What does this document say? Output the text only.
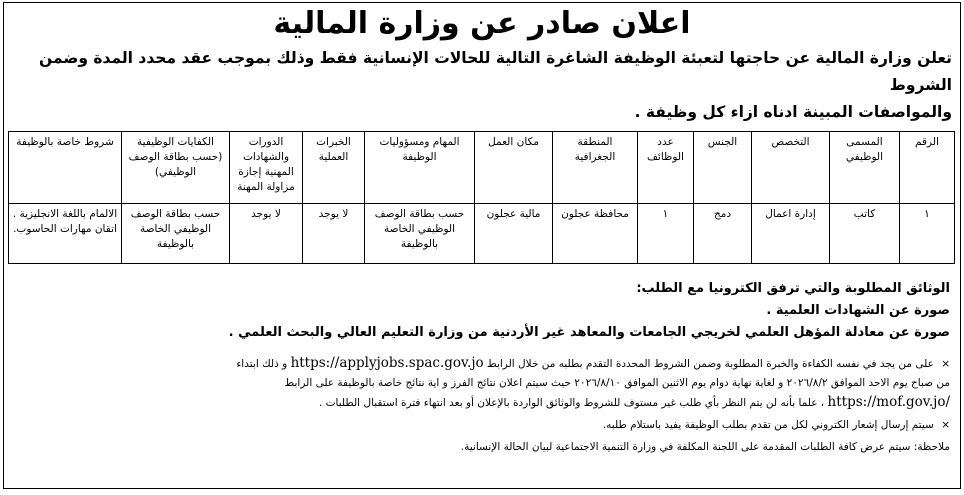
اعلان صادر عن وزارة المالية
تعلن وزارة المالية عن حاجتها لتعبئة الوظيفة الشاغرة التالية للحالات الإنسانية فقط وذلك بموجب عقد محدد المدة وضمن الشروط
والمواصفات المبينة ادناه ازاء كل وظيفة .
الرقم	المسمى الوظيفي	التخصص	الجنس	عدد الوظائف	المنطقة الجغرافية	مكان العمل	المهام ومسؤوليات الوظيفة	الخبرات العملية	الدورات والشهادات المهنية إجازة مزاولة المهنة	الكفايات الوظيفية (حسب بطاقة الوصف الوظيفي)	شروط خاصة بالوظيفة
١	كاتب	إدارة اعمال	دمج	١	محافظة عجلون	مالية عجلون	حسب بطاقة الوصف الوظيفي الخاصة بالوظيفة	لا يوجد	لا يوجد	حسب بطاقة الوصف الوظيفي الخاصة بالوظيفة	الالمام باللغة الانجليزية . اتقان مهارات الحاسوب.
الوثائق المطلوبة والتي ترفق الكترونيا مع الطلب:
صورة عن الشهادات العلمية .
صورة عن معادلة المؤهل العلمي لخريجي الجامعات والمعاهد غير الأردنية من وزارة التعليم العالي والبحث العلمي .
× على من يجد في نفسه الكفاءة والخبرة المطلوبة وضمن الشروط المحددة التقدم بطلبه من خلال الرابط https://applyjobs.spac.gov.jo و ذلك ابتداء
من صباح يوم الاحد الموافق ٢٠٢٦/٨/٢ و لغاية نهاية دوام يوم الاثنين الموافق ٢٠٢٦/٨/١٠ حيث سيتم اعلان نتائج الفرز و اية نتائج خاصة بالوظيفة على الرابط
https://mof.gov.jo/ ، علما بأنه لن يتم النظر بأي طلب غير مستوف للشروط والوثائق الواردة بالإعلان أو بعد انتهاء فترة استقبال الطلبات .
× سيتم إرسال إشعار الكتروني لكل من تقدم بطلب الوظيفة يفيد باستلام طلبه.
ملاحظة: سيتم عرض كافة الطلبات المقدمة على اللجنة المكلفة في وزارة التنمية الاجتماعية لبيان الحالة الإنسانية.
